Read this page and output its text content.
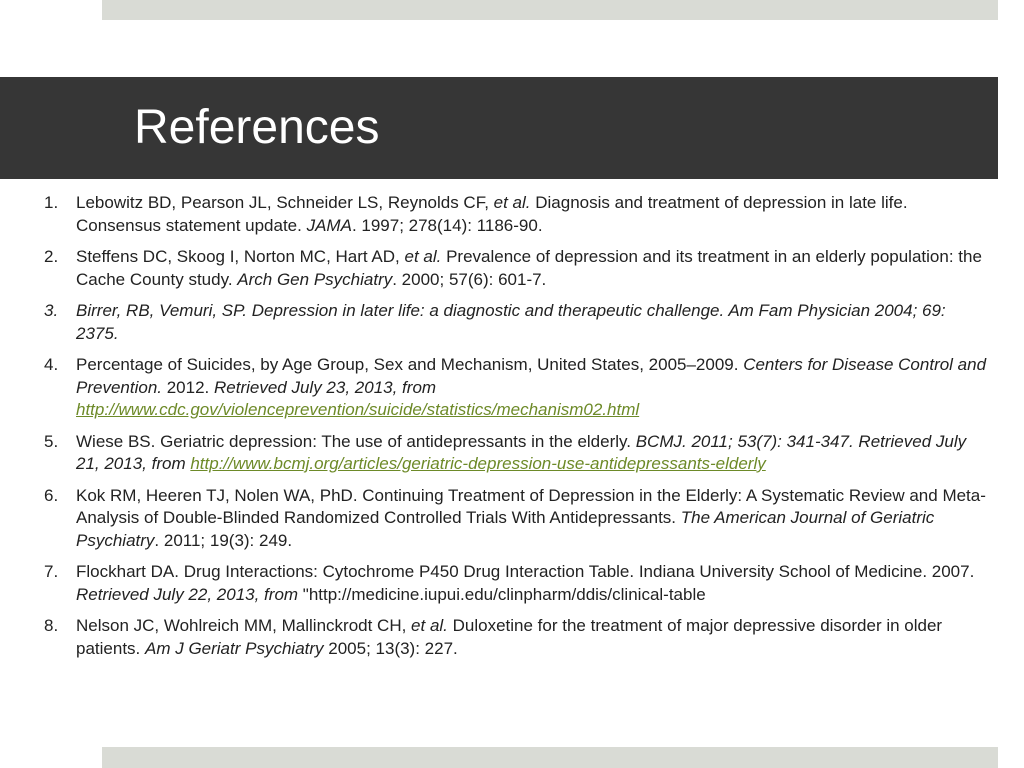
References
1. Lebowitz BD, Pearson JL, Schneider LS, Reynolds CF, et al. Diagnosis and treatment of depression in late life. Consensus statement update. JAMA. 1997; 278(14): 1186-90.
2. Steffens DC, Skoog I, Norton MC, Hart AD, et al. Prevalence of depression and its treatment in an elderly population: the Cache County study. Arch Gen Psychiatry. 2000; 57(6): 601-7.
3. Birrer, RB, Vemuri, SP. Depression in later life: a diagnostic and therapeutic challenge. Am Fam Physician 2004; 69: 2375.
4. Percentage of Suicides, by Age Group, Sex and Mechanism, United States, 2005–2009. Centers for Disease Control and Prevention. 2012. Retrieved July 23, 2013, from http://www.cdc.gov/violenceprevention/suicide/statistics/mechanism02.html
5. Wiese BS. Geriatric depression: The use of antidepressants in the elderly. BCMJ. 2011; 53(7): 341-347. Retrieved July 21, 2013, from http://www.bcmj.org/articles/geriatric-depression-use-antidepressants-elderly
6. Kok RM, Heeren TJ, Nolen WA, PhD. Continuing Treatment of Depression in the Elderly: A Systematic Review and Meta-Analysis of Double-Blinded Randomized Controlled Trials With Antidepressants. The American Journal of Geriatric Psychiatry. 2011; 19(3): 249.
7. Flockhart DA. Drug Interactions: Cytochrome P450 Drug Interaction Table. Indiana University School of Medicine. 2007. Retrieved July 22, 2013, from "http://medicine.iupui.edu/clinpharm/ddis/clinical-table
8. Nelson JC, Wohlreich MM, Mallinckrodt CH, et al. Duloxetine for the treatment of major depressive disorder in older patients. Am J Geriatr Psychiatry 2005; 13(3): 227.
